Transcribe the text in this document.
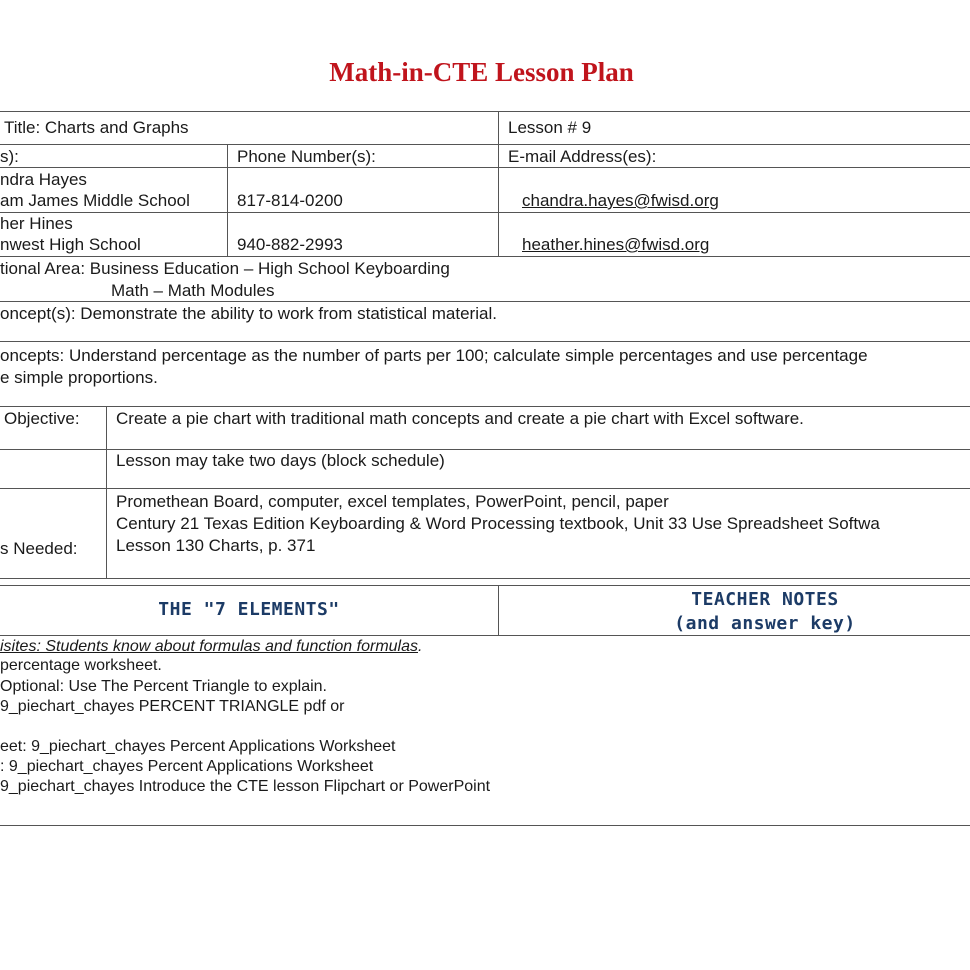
Math-in-CTE Lesson Plan
Title: Charts and Graphs	Lesson # 9
s):	Phone Number(s):	E-mail Address(es):
ndra Hayes
am James Middle School	817-814-0200	chandra.hayes@fwisd.org
her Hines
nwest High School	940-882-2993	heather.hines@fwisd.org
tional Area: Business Education – High School Keyboarding
Math – Math Modules
oncept(s): Demonstrate the ability to work from statistical material.
oncepts: Understand percentage as the number of parts per 100; calculate simple percentages and use percentage
e simple proportions.
Objective: Create a pie chart with traditional math concepts and create a pie chart with Excel software.
Lesson may take two days (block schedule)
s Needed:
Promethean Board, computer, excel templates, PowerPoint, pencil, paper
Century 21 Texas Edition Keyboarding & Word Processing textbook, Unit 33 Use Spreadsheet Softwa
Lesson 130 Charts, p. 371
THE "7 ELEMENTS"	TEACHER NOTES
(and answer key)
isites: Students know about formulas and function formulas.
percentage worksheet.
Optional: Use The Percent Triangle to explain.
9_piechart_chayes PERCENT TRIANGLE pdf or
eet: 9_piechart_chayes Percent Applications Worksheet
: 9_piechart_chayes Percent Applications Worksheet
9_piechart_chayes Introduce the CTE lesson Flipchart or PowerPoint
